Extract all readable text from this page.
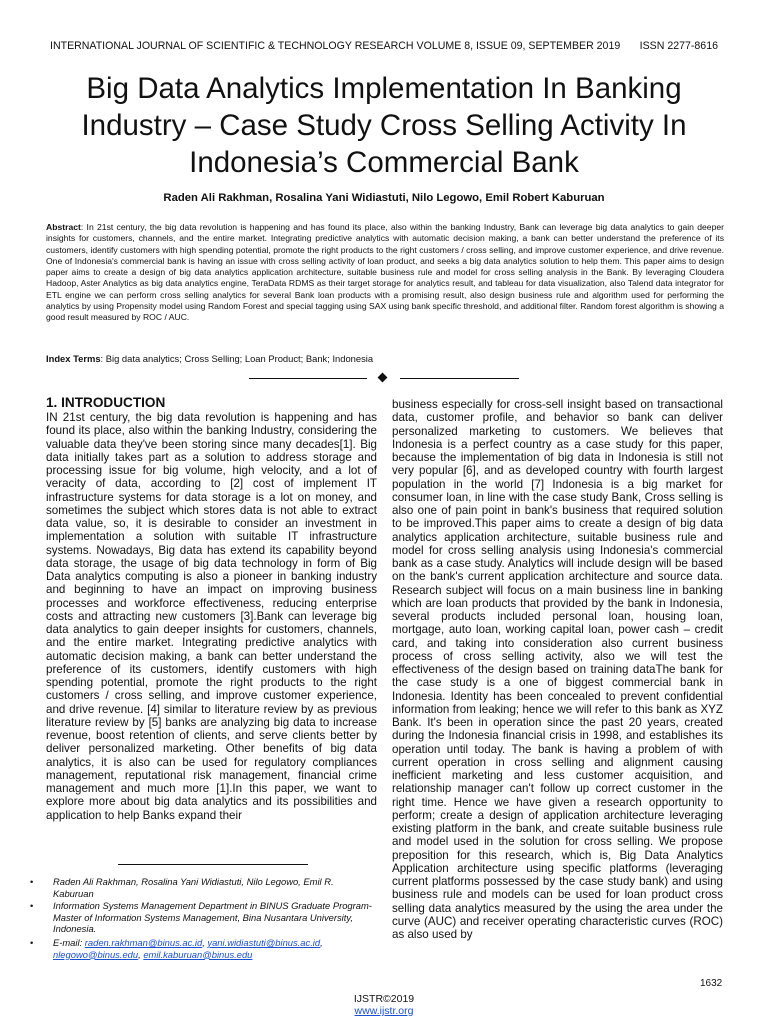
INTERNATIONAL JOURNAL OF SCIENTIFIC & TECHNOLOGY RESEARCH VOLUME 8, ISSUE 09, SEPTEMBER 2019 ISSN 2277-8616
Big Data Analytics Implementation In Banking Industry – Case Study Cross Selling Activity In Indonesia’s Commercial Bank
Raden Ali Rakhman, Rosalina Yani Widiastuti, Nilo Legowo, Emil Robert Kaburuan
Abstract: In 21st century, the big data revolution is happening and has found its place, also within the banking Industry, Bank can leverage big data analytics to gain deeper insights for customers, channels, and the entire market. Integrating predictive analytics with automatic decision making, a bank can better understand the preference of its customers, identify customers with high spending potential, promote the right products to the right customers / cross selling, and improve customer experience, and drive revenue. One of Indonesia's commercial bank is having an issue with cross selling activity of loan product, and seeks a big data analytics solution to help them. This paper aims to design paper aims to create a design of big data analytics application architecture, suitable business rule and model for cross selling analysis in the Bank. By leveraging Cloudera Hadoop, Aster Analytics as big data analytics engine, TeraData RDMS as their target storage for analytics result, and tableau for data visualization, also Talend data integrator for ETL engine we can perform cross selling analytics for several Bank loan products with a promising result, also design business rule and algorithm used for performing the analytics by using Propensity model using Random Forest and special tagging using SAX using bank specific threshold, and additional filter. Random forest algorithm is showing a good result measured by ROC / AUC.
Index Terms: Big data analytics; Cross Selling; Loan Product; Bank; Indonesia
1. INTRODUCTION

IN 21st century, the big data revolution is happening and has found its place, also within the banking Industry, considering the valuable data they've been storing since many decades[1]. Big data initially takes part as a solution to address storage and processing issue for big volume, high velocity, and a lot of veracity of data, according to [2] cost of implement IT infrastructure systems for data storage is a lot on money, and sometimes the subject which stores data is not able to extract data value, so, it is desirable to consider an investment in implementation a solution with suitable IT infrastructure systems. Nowadays, Big data has extend its capability beyond data storage, the usage of big data technology in form of Big Data analytics computing is also a pioneer in banking industry and beginning to have an impact on improving business processes and workforce effectiveness, reducing enterprise costs and attracting new customers [3].Bank can leverage big data analytics to gain deeper insights for customers, channels, and the entire market. Integrating predictive analytics with automatic decision making, a bank can better understand the preference of its customers, identify customers with high spending potential, promote the right products to the right customers / cross selling, and improve customer experience, and drive revenue. [4] similar to literature review by as previous literature review by [5] banks are analyzing big data to increase revenue, boost retention of clients, and serve clients better by deliver personalized marketing. Other benefits of big data analytics, it is also can be used for regulatory compliances management, reputational risk management, financial crime management and much more [1].In this paper, we want to explore more about big data analytics and its possibilities and application to help Banks expand their

business especially for cross-sell insight based on transactional data, customer profile, and behavior so bank can deliver personalized marketing to customers. We believes that Indonesia is a perfect country as a case study for this paper, because the implementation of big data in Indonesia is still not very popular [6], and as developed country with fourth largest population in the world [7] Indonesia is a big market for consumer loan, in line with the case study Bank, Cross selling is also one of pain point in bank's business that required solution to be improved.This paper aims to create a design of big data analytics application architecture, suitable business rule and model for cross selling analysis using Indonesia's commercial bank as a case study. Analytics will include design will be based on the bank's current application architecture and source data. Research subject will focus on a main business line in banking which are loan products that provided by the bank in Indonesia, several products included personal loan, housing loan, mortgage, auto loan, working capital loan, power cash – credit card, and taking into consideration also current business process of cross selling activity, also we will test the effectiveness of the design based on training dataThe bank for the case study is a one of biggest commercial bank in Indonesia. Identity has been concealed to prevent confidential information from leaking; hence we will refer to this bank as XYZ Bank. It's been in operation since the past 20 years, created during the Indonesia financial crisis in 1998, and establishes its operation until today. The bank is having a problem of with current operation in cross selling and alignment causing inefficient marketing and less customer acquisition, and relationship manager can't follow up correct customer in the right time. Hence we have given a research opportunity to perform; create a design of application architecture leveraging existing platform in the bank, and create suitable business rule and model used in the solution for cross selling. We propose preposition for this research, which is, Big Data Analytics Application architecture using specific platforms (leveraging current platforms possessed by the case study bank) and using business rule and models can be used for loan product cross selling data analytics measured by the using the area under the curve (AUC) and receiver operating characteristic curves (ROC) as also used by

• Raden Ali Rakhman, Rosalina Yani Widiastuti, Nilo Legowo, Emil R. Kaburuan
• Information Systems Management Department in BINUS Graduate Program-Master of Information Systems Management, Bina Nusantara University, Indonesia.
• E-mail: raden.rakhman@binus.ac.id, yani.widiastuti@binus.ac.id, nlegowo@binus.edu, emil.kaburuan@binus.edu
1632
IJSTR©2019
www.ijstr.org
